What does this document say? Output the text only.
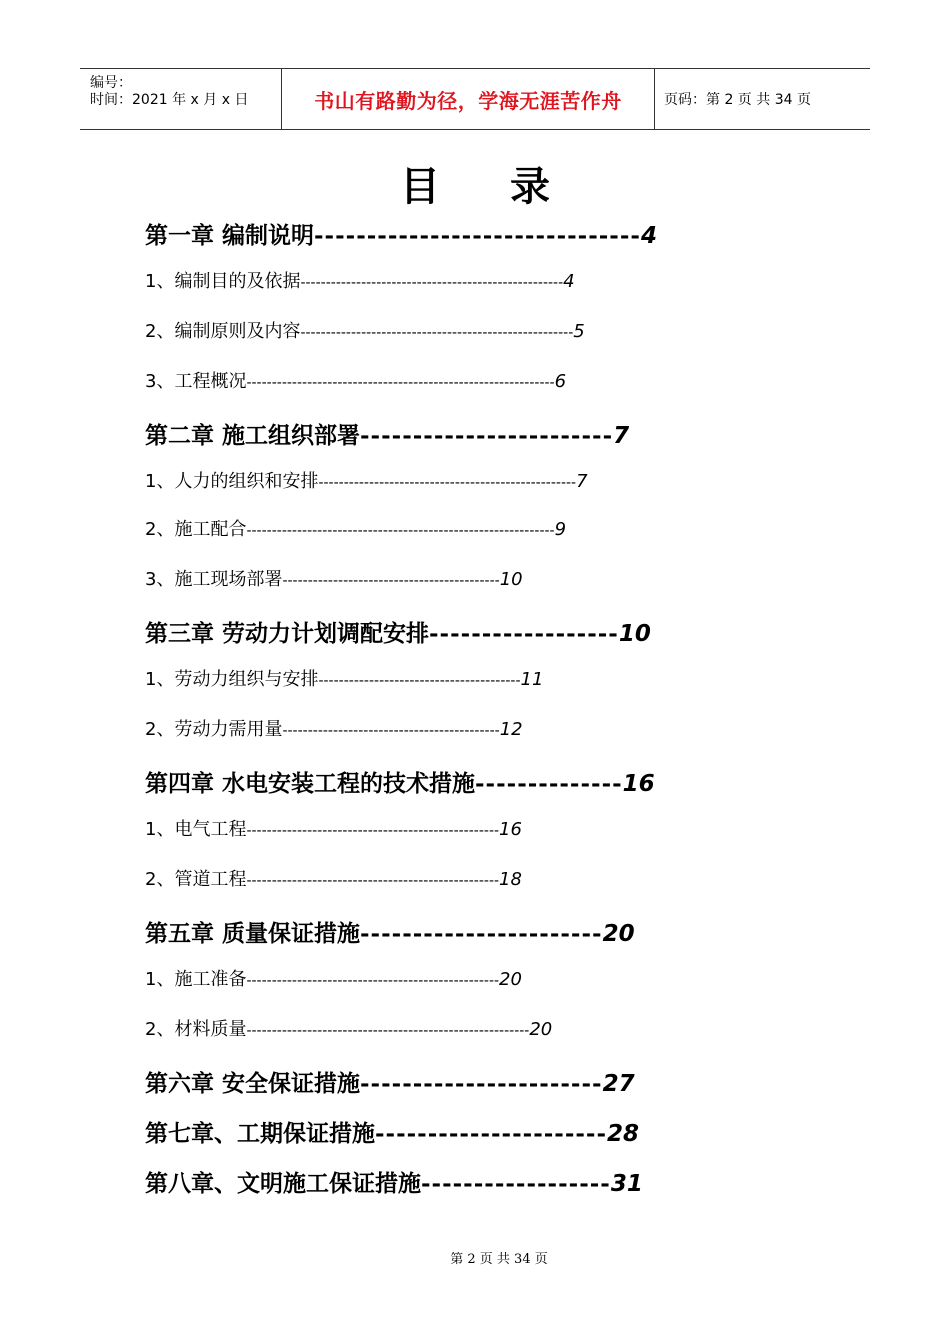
编号：
时间：2021 年 x 月 x 日	书山有路勤为径，学海无涯苦作舟	页码：第 2 页 共 34 页
目录
第一章 编制说明-------------------------------4
1、编制目的及依据----------------------------------------------------4
2、编制原则及内容------------------------------------------------------5
3、工程概况-------------------------------------------------------------6
第二章 施工组织部署------------------------7
1、人力的组织和安排---------------------------------------------------7
2、施工配合-------------------------------------------------------------9
3、施工现场部署-------------------------------------------10
第三章 劳动力计划调配安排------------------10
1、劳动力组织与安排----------------------------------------11
2、劳动力需用量-------------------------------------------12
第四章 水电安装工程的技术措施--------------16
1、电气工程--------------------------------------------------16
2、管道工程--------------------------------------------------18
第五章 质量保证措施-----------------------20
1、施工准备--------------------------------------------------20
2、材料质量--------------------------------------------------------20
第六章 安全保证措施-----------------------27
第七章、工期保证措施----------------------28
第八章、文明施工保证措施------------------31
第 2 页 共 34 页
